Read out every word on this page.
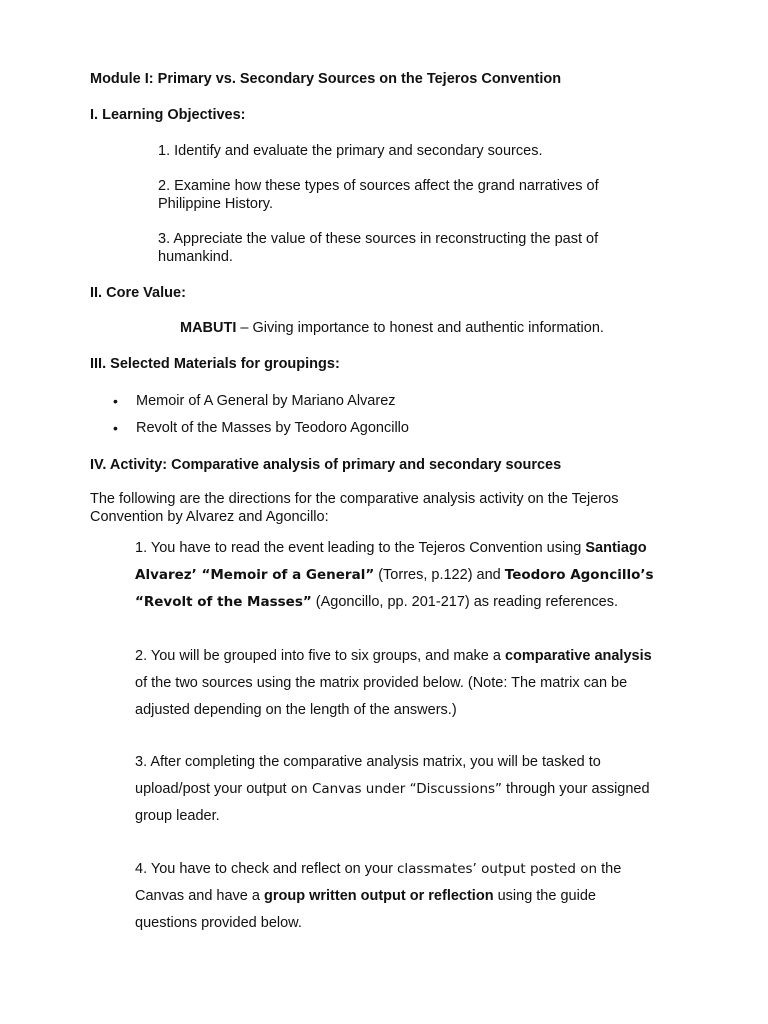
Module I: Primary vs. Secondary Sources on the Tejeros Convention
I. Learning Objectives:
1. Identify and evaluate the primary and secondary sources.
2. Examine how these types of sources affect the grand narratives of
Philippine History.
3. Appreciate the value of these sources in reconstructing the past of
humankind.
II. Core Value:
MABUTI – Giving importance to honest and authentic information.
III. Selected Materials for groupings:
• Memoir of A General by Mariano Alvarez
• Revolt of the Masses by Teodoro Agoncillo
IV. Activity: Comparative analysis of primary and secondary sources
The following are the directions for the comparative analysis activity on the Tejeros
Convention by Alvarez and Agoncillo:
1. You have to read the event leading to the Tejeros Convention using Santiago
Alvarez’ “Memoir of a General” (Torres, p.122) and Teodoro Agoncillo’s
“Revolt of the Masses” (Agoncillo, pp. 201-217) as reading references.
2. You will be grouped into five to six groups, and make a comparative analysis
of the two sources using the matrix provided below. (Note: The matrix can be
adjusted depending on the length of the answers.)
3. After completing the comparative analysis matrix, you will be tasked to
upload/post your output on Canvas under “Discussions” through your assigned
group leader.
4. You have to check and reflect on your classmates’ output posted on the
Canvas and have a group written output or reflection using the guide
questions provided below.
